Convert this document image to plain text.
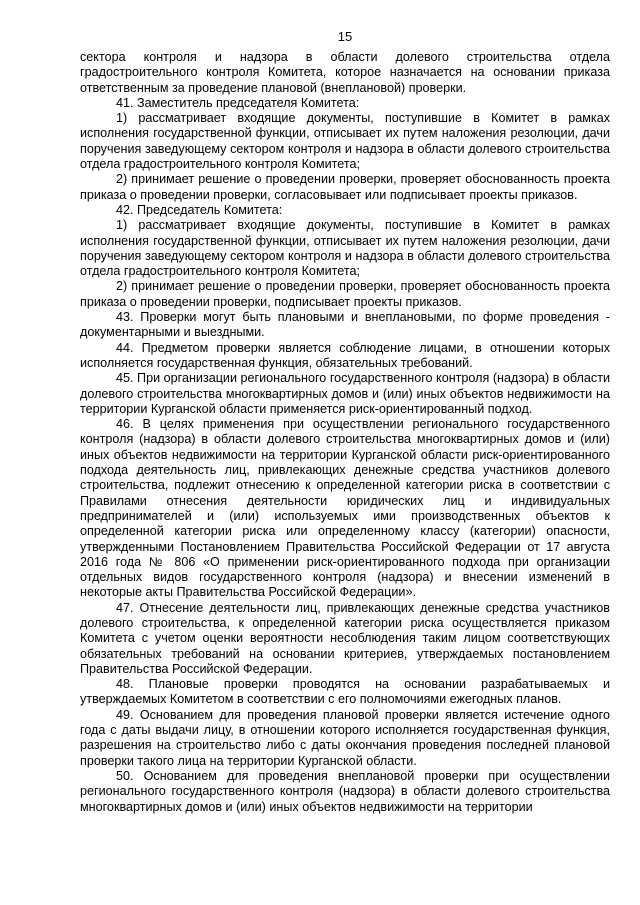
15

сектора контроля и надзора в области долевого строительства отдела градостроительного контроля Комитета, которое назначается на основании приказа ответственным за проведение плановой (внеплановой) проверки.

41. Заместитель председателя Комитета:

1) рассматривает входящие документы, поступившие в Комитет в рамках исполнения государственной функции, отписывает их путем наложения резолюции, дачи поручения заведующему сектором контроля и надзора в области долевого строительства отдела градостроительного контроля Комитета;

2) принимает решение о проведении проверки, проверяет обоснованность проекта приказа о проведении проверки, согласовывает или подписывает проекты приказов.

42. Председатель Комитета:

1) рассматривает входящие документы, поступившие в Комитет в рамках исполнения государственной функции, отписывает их путем наложения резолюции, дачи поручения заведующему сектором контроля и надзора в области долевого строительства отдела градостроительного контроля Комитета;

2) принимает решение о проведении проверки, проверяет обоснованность проекта приказа о проведении проверки, подписывает проекты приказов.

43. Проверки могут быть плановыми и внеплановыми, по форме проведения - документарными и выездными.

44. Предметом проверки является соблюдение лицами, в отношении которых исполняется государственная функция, обязательных требований.

45. При организации регионального государственного контроля (надзора) в области долевого строительства многоквартирных домов и (или) иных объектов недвижимости на территории Курганской области применяется риск-ориентированный подход.

46. В целях применения при осуществлении регионального государственного контроля (надзора) в области долевого строительства многоквартирных домов и (или) иных объектов недвижимости на территории Курганской области риск-ориентированного подхода деятельность лиц, привлекающих денежные средства участников долевого строительства, подлежит отнесению к определенной категории риска в соответствии с Правилами отнесения деятельности юридических лиц и индивидуальных предпринимателей и (или) используемых ими производственных объектов к определенной категории риска или определенному классу (категории) опасности, утвержденными Постановлением Правительства Российской Федерации от 17 августа 2016 года № 806 «О применении риск-ориентированного подхода при организации отдельных видов государственного контроля (надзора) и внесении изменений в некоторые акты Правительства Российской Федерации».

47. Отнесение деятельности лиц, привлекающих денежные средства участников долевого строительства, к определенной категории риска осуществляется приказом Комитета с учетом оценки вероятности несоблюдения таким лицом соответствующих обязательных требований на основании критериев, утверждаемых постановлением Правительства Российской Федерации.

48. Плановые проверки проводятся на основании разрабатываемых и утверждаемых Комитетом в соответствии с его полномочиями ежегодных планов.

49. Основанием для проведения плановой проверки является истечение одного года с даты выдачи лицу, в отношении которого исполняется государственная функция, разрешения на строительство либо с даты окончания проведения последней плановой проверки такого лица на территории Курганской области.

50. Основанием для проведения внеплановой проверки при осуществлении регионального государственного контроля (надзора) в области долевого строительства многоквартирных домов и (или) иных объектов недвижимости на территории
